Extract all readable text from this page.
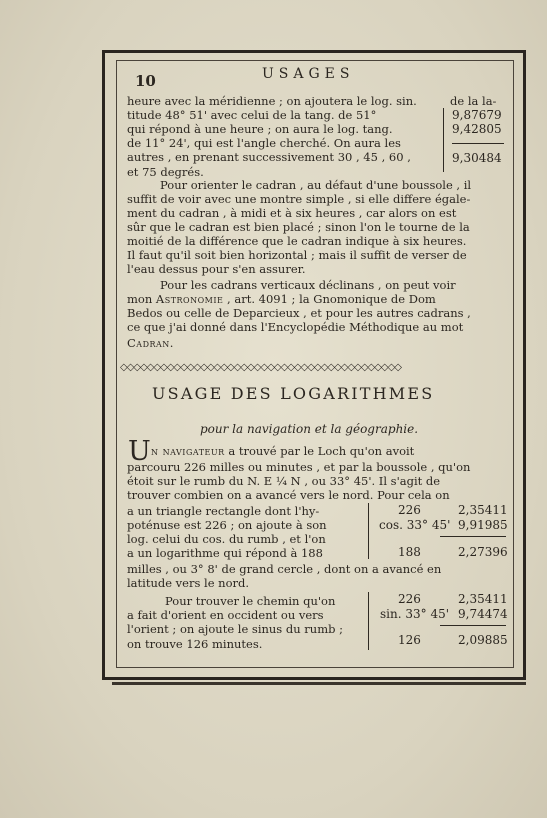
10	USAGES
heure avec la méridienne ; on ajoutera le log. sin.
titude 48° 51' avec celui de la tang. de 51°
qui répond à une heure ; on aura le log. tang.
de 11° 24', qui est l'angle cherché. On aura les
autres , en prenant successivement 30 , 45 , 60 ,
et 75 degrés.
de la la-
9,87679
9,42805
9,30484
Pour orienter le cadran , au défaut d'une boussole , il
suffit de voir avec une montre simple , si elle differe égale-
ment du cadran , à midi et à six heures , car alors on est
sûr que le cadran est bien placé ; sinon l'on le tourne de la
moitié de la différence que le cadran indique à six heures.
Il faut qu'il soit bien horizontal ; mais il suffit de verser de
l'eau dessus pour s'en assurer.
Pour les cadrans verticaux déclinans , on peut voir
mon Astronomie , art. 4091 ; la Gnomonique de Dom
Bedos ou celle de Deparcieux , et pour les autres cadrans ,
ce que j'ai donné dans l'Encyclopédie Méthodique au mot
Cadran.
◇◇◇◇◇◇◇◇◇◇◇◇◇◇◇◇◇◇◇◇◇◇◇◇◇◇◇◇◇◇◇◇◇◇◇◇◇◇◇◇◇◇
USAGE DES LOGARITHMES
pour la navigation et la géographie.
U n navigateur a trouvé par le Loch qu'on avoit
parcouru 226 milles ou minutes , et par la boussole , qu'on
étoit sur le rumb du N. E ¼ N , ou 33° 45'. Il s'agit de
trouver combien on a avancé vers le nord. Pour cela on
a un triangle rectangle dont l'hy-
poténuse est 226 ; on ajoute à son
log. celui du cos. du rumb , et l'on
a un logarithme qui répond à 188
226	2,35411
cos. 33° 45' 9,91985
188	2,27396
milles , ou 3° 8' de grand cercle , dont on a avancé en
latitude vers le nord.
Pour trouver le chemin qu'on
a fait d'orient en occident ou vers
l'orient ; on ajoute le sinus du rumb ;
on trouve 126 minutes.
226	2,35411
sin. 33° 45' 9,74474
126	2,09885
